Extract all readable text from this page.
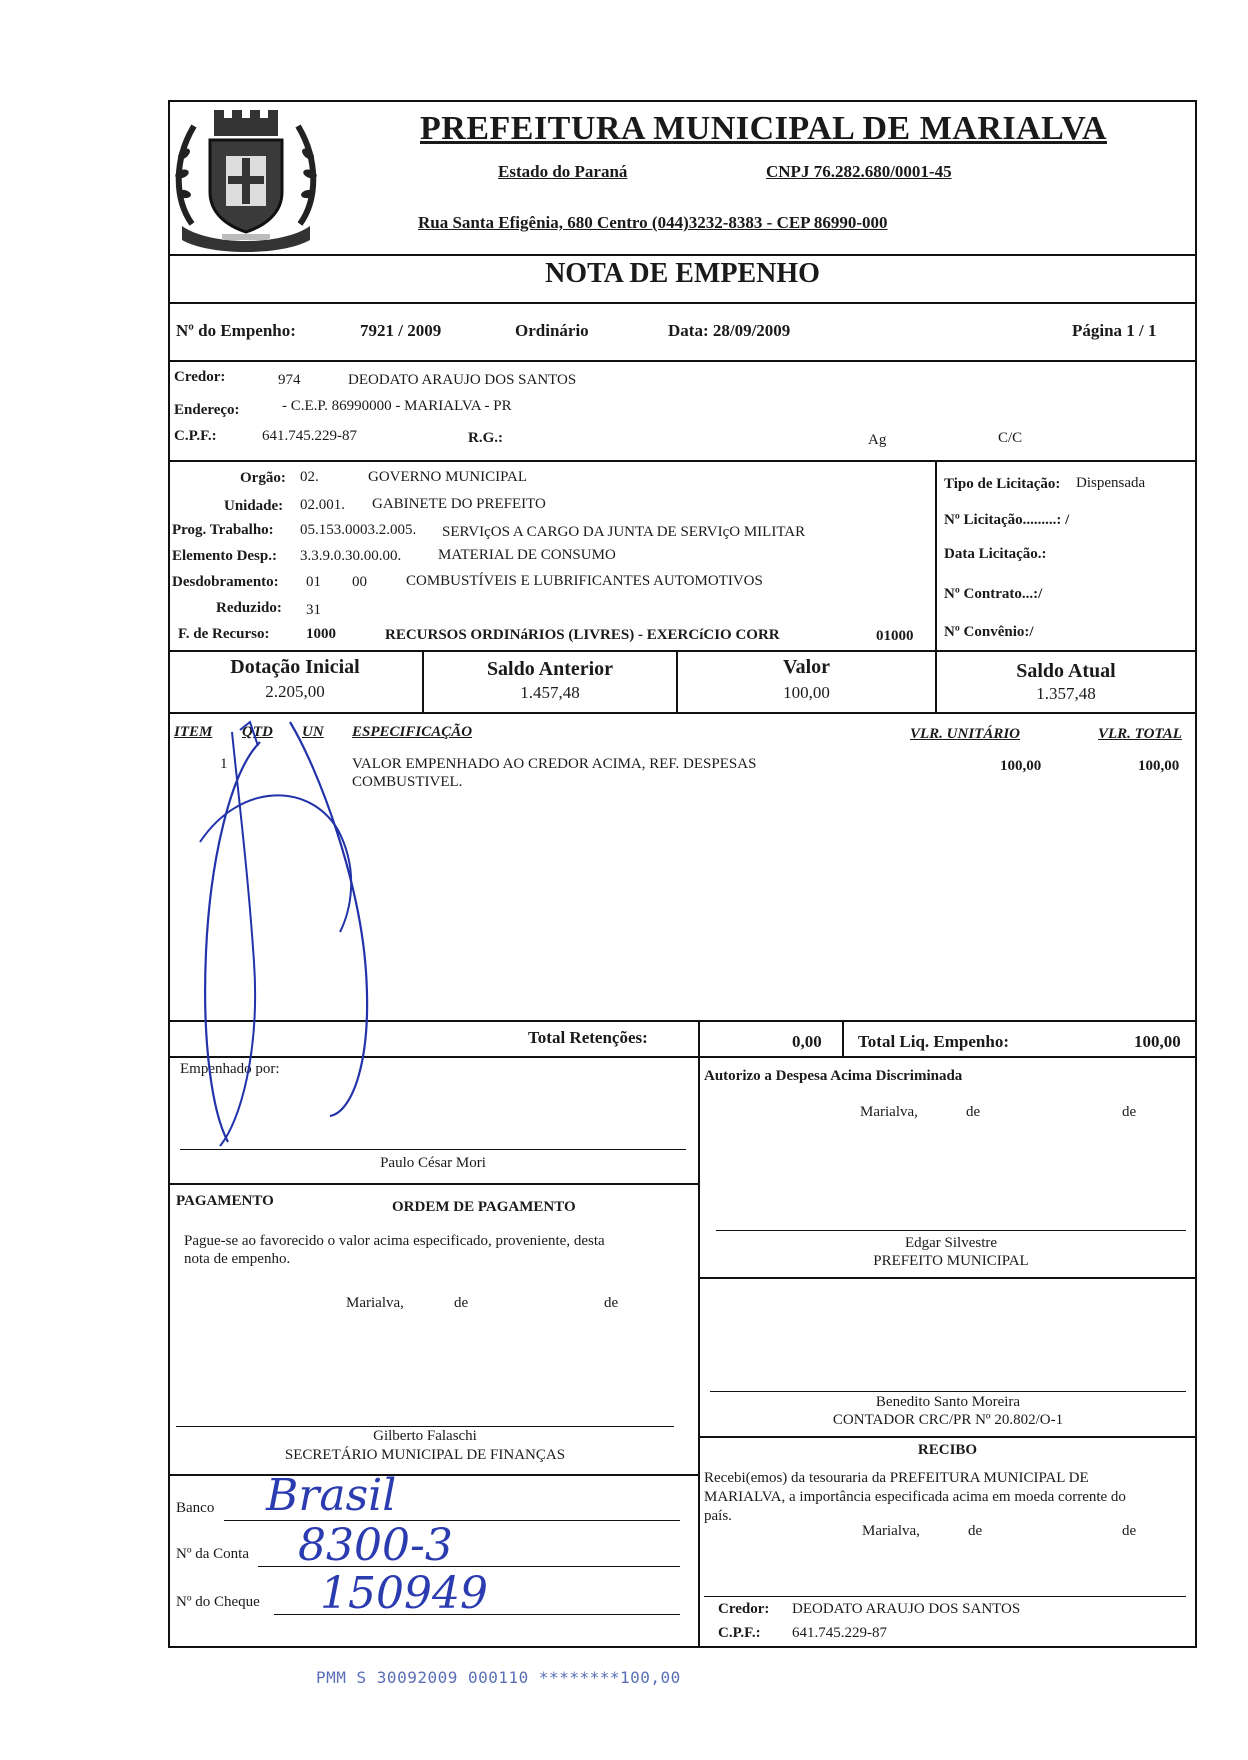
PREFEITURA MUNICIPAL DE MARIALVA
Estado do Paraná	CNPJ 76.282.680/0001-45
Rua Santa Efigênia, 680 Centro (044)3232-8383 - CEP 86990-000
NOTA DE EMPENHO
Nº do Empenho:	7921 / 2009	Ordinário	Data: 28/09/2009	Página 1 / 1
Credor:	974	DEODATO ARAUJO DOS SANTOS
Endereço:	- C.E.P. 86990000 - MARIALVA - PR
C.P.F.:	641.745.229-87	R.G.:	Ag	C/C
Orgão: 02.	GOVERNO MUNICIPAL
Unidade: 02.001. GABINETE DO PREFEITO
Prog. Trabalho: 05.153.0003.2.005. SERVIçOS A CARGO DA JUNTA DE SERVIçO MILITAR
Elemento Desp.: 3.3.9.0.30.00.00. MATERIAL DE CONSUMO
Desdobramento: 01 00	COMBUSTÍVEIS E LUBRIFICANTES AUTOMOTIVOS
Reduzido: 31
F. de Recurso: 1000	RECURSOS ORDINáRIOS (LIVRES) - EXERCíCIO CORR	01000
Tipo de Licitação: Dispensada
Nº Licitação.........: /
Data Licitação.:
Nº Contrato...:/
Nº Convênio:/
Dotação Inicial
2.205,00
Saldo Anterior
1.457,48
Valor
100,00
Saldo Atual
1.357,48
ITEM QTD UN ESPECIFICAÇÃO	VLR. UNITÁRIO	VLR. TOTAL
1	VALOR EMPENHADO AO CREDOR ACIMA, REF. DESPESAS
COMBUSTIVEL.
100,00	100,00
Total Retenções:	0,00 Total Liq. Empenho:	100,00
Empenhado por:
Paulo César Mori
PAGAMENTO	ORDEM DE PAGAMENTO
Pague-se ao favorecido o valor acima especificado, proveniente, desta
nota de empenho.
Marialva,	de	de
Gilberto Falaschi
SECRETÁRIO MUNICIPAL DE FINANÇAS
Banco Brasil
Nº da Conta 8300-3
Nº do Cheque 150949
Autorizo a Despesa Acima Discriminada
Marialva,	de	de
Edgar Silvestre
PREFEITO MUNICIPAL
Benedito Santo Moreira
CONTADOR CRC/PR Nº 20.802/O-1
RECIBO
Recebi(emos) da tesouraria da PREFEITURA MUNICIPAL DE
MARIALVA, a importância especificada acima em moeda corrente do
país.
Marialva,	de	de
Credor: DEODATO ARAUJO DOS SANTOS
C.P.F.: 641.745.229-87
PMM S 30092009 000110 ********100,00
